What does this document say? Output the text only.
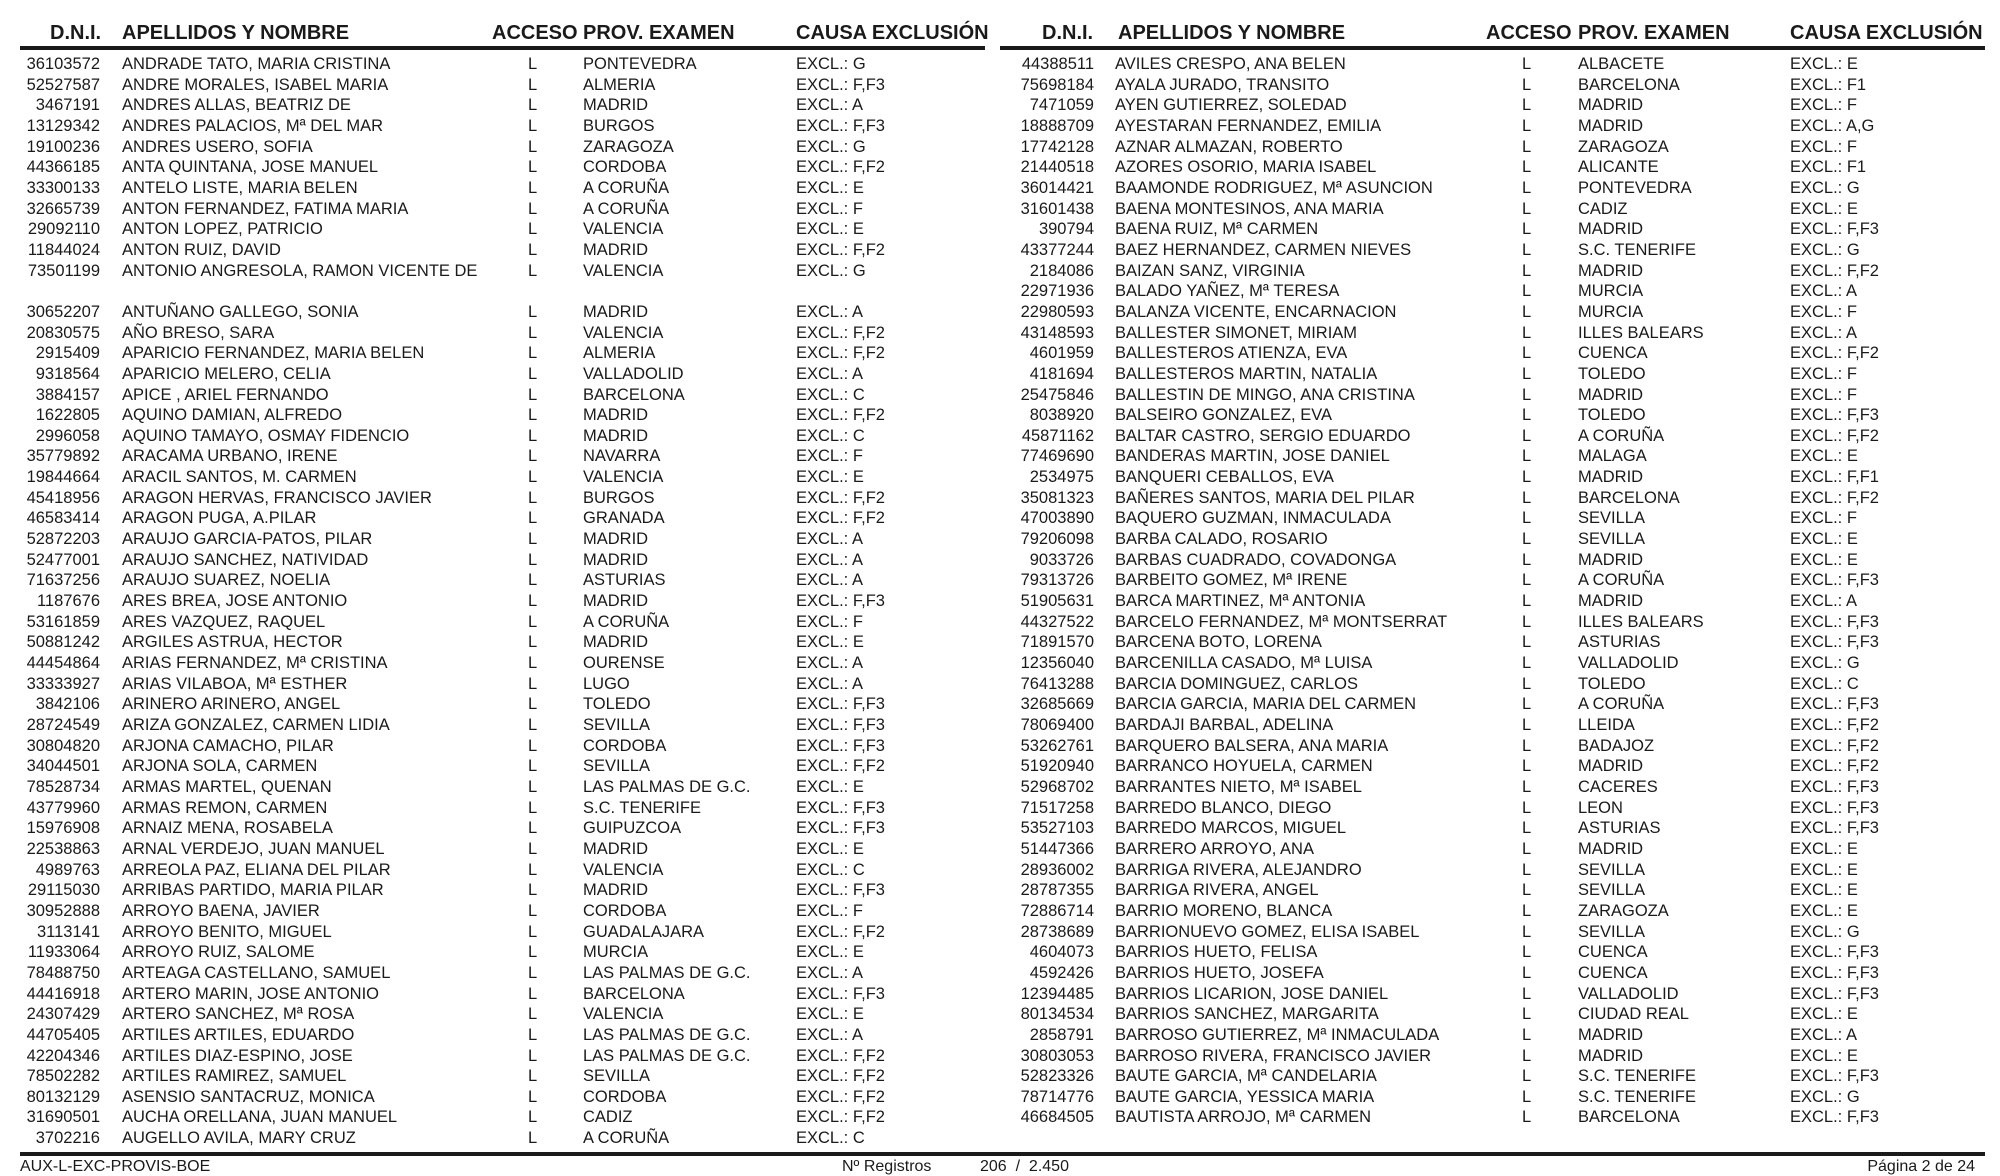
D.N.I. APELLIDOS Y NOMBRE	ACCESO PROV. EXAMEN	CAUSA EXCLUSIÓN
36103572 ANDRADE TATO, MARIA CRISTINA	L	PONTEVEDRA	EXCL.: G
52527587 ANDRE MORALES, ISABEL MARIA	L	ALMERIA	EXCL.: F,F3
3467191 ANDRES ALLAS, BEATRIZ DE	L	MADRID	EXCL.: A
13129342 ANDRES PALACIOS, Mª DEL MAR	L	BURGOS	EXCL.: F,F3
19100236 ANDRES USERO, SOFIA	L	ZARAGOZA	EXCL.: G
44366185 ANTA QUINTANA, JOSE MANUEL	L	CORDOBA	EXCL.: F,F2
33300133 ANTELO LISTE, MARIA BELEN	L	A CORUÑA	EXCL.: E
32665739 ANTON FERNANDEZ, FATIMA MARIA	L	A CORUÑA	EXCL.: F
29092110 ANTON LOPEZ, PATRICIO	L	VALENCIA	EXCL.: E
11844024 ANTON RUIZ, DAVID	L	MADRID	EXCL.: F,F2
73501199 ANTONIO ANGRESOLA, RAMON VICENTE DE	L	VALENCIA	EXCL.: G
30652207 ANTUÑANO GALLEGO, SONIA	L	MADRID	EXCL.: A
20830575 AÑO BRESO, SARA	L	VALENCIA	EXCL.: F,F2
2915409 APARICIO FERNANDEZ, MARIA BELEN	L	ALMERIA	EXCL.: F,F2
9318564 APARICIO MELERO, CELIA	L	VALLADOLID	EXCL.: A
3884157 APICE , ARIEL FERNANDO	L	BARCELONA	EXCL.: C
1622805 AQUINO DAMIAN, ALFREDO	L	MADRID	EXCL.: F,F2
2996058 AQUINO TAMAYO, OSMAY FIDENCIO	L	MADRID	EXCL.: C
35779892 ARACAMA URBANO, IRENE	L	NAVARRA	EXCL.: F
19844664 ARACIL SANTOS, M. CARMEN	L	VALENCIA	EXCL.: E
45418956 ARAGON HERVAS, FRANCISCO JAVIER	L	BURGOS	EXCL.: F,F2
46583414 ARAGON PUGA, A.PILAR	L	GRANADA	EXCL.: F,F2
52872203 ARAUJO GARCIA-PATOS, PILAR	L	MADRID	EXCL.: A
52477001 ARAUJO SANCHEZ, NATIVIDAD	L	MADRID	EXCL.: A
71637256 ARAUJO SUAREZ, NOELIA	L	ASTURIAS	EXCL.: A
1187676 ARES BREA, JOSE ANTONIO	L	MADRID	EXCL.: F,F3
53161859 ARES VAZQUEZ, RAQUEL	L	A CORUÑA	EXCL.: F
50881242 ARGILES ASTRUA, HECTOR	L	MADRID	EXCL.: E
44454864 ARIAS FERNANDEZ, Mª CRISTINA	L	OURENSE	EXCL.: A
33333927 ARIAS VILABOA, Mª ESTHER	L	LUGO	EXCL.: A
3842106 ARINERO ARINERO, ANGEL	L	TOLEDO	EXCL.: F,F3
28724549 ARIZA GONZALEZ, CARMEN LIDIA	L	SEVILLA	EXCL.: F,F3
30804820 ARJONA CAMACHO, PILAR	L	CORDOBA	EXCL.: F,F3
34044501 ARJONA SOLA, CARMEN	L	SEVILLA	EXCL.: F,F2
78528734 ARMAS MARTEL, QUENAN	L	LAS PALMAS DE G.C.	EXCL.: E
43779960 ARMAS REMON, CARMEN	L	S.C. TENERIFE	EXCL.: F,F3
15976908 ARNAIZ MENA, ROSABELA	L	GUIPUZCOA	EXCL.: F,F3
22538863 ARNAL VERDEJO, JUAN MANUEL	L	MADRID	EXCL.: E
4989763 ARREOLA PAZ, ELIANA DEL PILAR	L	VALENCIA	EXCL.: C
29115030 ARRIBAS PARTIDO, MARIA PILAR	L	MADRID	EXCL.: F,F3
30952888 ARROYO BAENA, JAVIER	L	CORDOBA	EXCL.: F
3113141 ARROYO BENITO, MIGUEL	L	GUADALAJARA	EXCL.: F,F2
11933064 ARROYO RUIZ, SALOME	L	MURCIA	EXCL.: E
78488750 ARTEAGA CASTELLANO, SAMUEL	L	LAS PALMAS DE G.C.	EXCL.: A
44416918 ARTERO MARIN, JOSE ANTONIO	L	BARCELONA	EXCL.: F,F3
24307429 ARTERO SANCHEZ, Mª ROSA	L	VALENCIA	EXCL.: E
44705405 ARTILES ARTILES, EDUARDO	L	LAS PALMAS DE G.C.	EXCL.: A
42204346 ARTILES DIAZ-ESPINO, JOSE	L	LAS PALMAS DE G.C.	EXCL.: F,F2
78502282 ARTILES RAMIREZ, SAMUEL	L	SEVILLA	EXCL.: F,F2
80132129 ASENSIO SANTACRUZ, MONICA	L	CORDOBA	EXCL.: F,F2
31690501 AUCHA ORELLANA, JUAN MANUEL	L	CADIZ	EXCL.: F,F2
3702216 AUGELLO AVILA, MARY CRUZ	L	A CORUÑA	EXCL.: C
D.N.I. APELLIDOS Y NOMBRE	ACCESO PROV. EXAMEN	CAUSA EXCLUSIÓN
44388511 AVILES CRESPO, ANA BELEN	L	ALBACETE	EXCL.: E
75698184 AYALA JURADO, TRANSITO	L	BARCELONA	EXCL.: F1
7471059 AYEN GUTIERREZ, SOLEDAD	L	MADRID	EXCL.: F
18888709 AYESTARAN FERNANDEZ, EMILIA	L	MADRID	EXCL.: A,G
17742128 AZNAR ALMAZAN, ROBERTO	L	ZARAGOZA	EXCL.: F
21440518 AZORES OSORIO, MARIA ISABEL	L	ALICANTE	EXCL.: F1
36014421 BAAMONDE RODRIGUEZ, Mª ASUNCION	L	PONTEVEDRA	EXCL.: G
31601438 BAENA MONTESINOS, ANA MARIA	L	CADIZ	EXCL.: E
390794 BAENA RUIZ, Mª CARMEN	L	MADRID	EXCL.: F,F3
43377244 BAEZ HERNANDEZ, CARMEN NIEVES	L	S.C. TENERIFE	EXCL.: G
2184086 BAIZAN SANZ, VIRGINIA	L	MADRID	EXCL.: F,F2
22971936 BALADO YAÑEZ, Mª TERESA	L	MURCIA	EXCL.: A
22980593 BALANZA VICENTE, ENCARNACION	L	MURCIA	EXCL.: F
43148593 BALLESTER SIMONET, MIRIAM	L	ILLES BALEARS	EXCL.: A
4601959 BALLESTEROS ATIENZA, EVA	L	CUENCA	EXCL.: F,F2
4181694 BALLESTEROS MARTIN, NATALIA	L	TOLEDO	EXCL.: F
25475846 BALLESTIN DE MINGO, ANA CRISTINA	L	MADRID	EXCL.: F
8038920 BALSEIRO GONZALEZ, EVA	L	TOLEDO	EXCL.: F,F3
45871162 BALTAR CASTRO, SERGIO EDUARDO	L	A CORUÑA	EXCL.: F,F2
77469690 BANDERAS MARTIN, JOSE DANIEL	L	MALAGA	EXCL.: E
2534975 BANQUERI CEBALLOS, EVA	L	MADRID	EXCL.: F,F1
35081323 BAÑERES SANTOS, MARIA DEL PILAR	L	BARCELONA	EXCL.: F,F2
47003890 BAQUERO GUZMAN, INMACULADA	L	SEVILLA	EXCL.: F
79206098 BARBA CALADO, ROSARIO	L	SEVILLA	EXCL.: E
9033726 BARBAS CUADRADO, COVADONGA	L	MADRID	EXCL.: E
79313726 BARBEITO GOMEZ, Mª IRENE	L	A CORUÑA	EXCL.: F,F3
51905631 BARCA MARTINEZ, Mª ANTONIA	L	MADRID	EXCL.: A
44327522 BARCELO FERNANDEZ, Mª MONTSERRAT	L	ILLES BALEARS	EXCL.: F,F3
71891570 BARCENA BOTO, LORENA	L	ASTURIAS	EXCL.: F,F3
12356040 BARCENILLA CASADO, Mª LUISA	L	VALLADOLID	EXCL.: G
76413288 BARCIA DOMINGUEZ, CARLOS	L	TOLEDO	EXCL.: C
32685669 BARCIA GARCIA, MARIA DEL CARMEN	L	A CORUÑA	EXCL.: F,F3
78069400 BARDAJI BARBAL, ADELINA	L	LLEIDA	EXCL.: F,F2
53262761 BARQUERO BALSERA, ANA MARIA	L	BADAJOZ	EXCL.: F,F2
51920940 BARRANCO HOYUELA, CARMEN	L	MADRID	EXCL.: F,F2
52968702 BARRANTES NIETO, Mª ISABEL	L	CACERES	EXCL.: F,F3
71517258 BARREDO BLANCO, DIEGO	L	LEON	EXCL.: F,F3
53527103 BARREDO MARCOS, MIGUEL	L	ASTURIAS	EXCL.: F,F3
51447366 BARRERO ARROYO, ANA	L	MADRID	EXCL.: E
28936002 BARRIGA RIVERA, ALEJANDRO	L	SEVILLA	EXCL.: E
28787355 BARRIGA RIVERA, ANGEL	L	SEVILLA	EXCL.: E
72886714 BARRIO MORENO, BLANCA	L	ZARAGOZA	EXCL.: E
28738689 BARRIONUEVO GOMEZ, ELISA ISABEL	L	SEVILLA	EXCL.: G
4604073 BARRIOS HUETO, FELISA	L	CUENCA	EXCL.: F,F3
4592426 BARRIOS HUETO, JOSEFA	L	CUENCA	EXCL.: F,F3
12394485 BARRIOS LICARION, JOSE DANIEL	L	VALLADOLID	EXCL.: F,F3
80134534 BARRIOS SANCHEZ, MARGARITA	L	CIUDAD REAL	EXCL.: E
2858791 BARROSO GUTIERREZ, Mª INMACULADA	L	MADRID	EXCL.: A
30803053 BARROSO RIVERA, FRANCISCO JAVIER	L	MADRID	EXCL.: E
52823326 BAUTE GARCIA, Mª CANDELARIA	L	S.C. TENERIFE	EXCL.: F,F3
78714776 BAUTE GARCIA, YESSICA MARIA	L	S.C. TENERIFE	EXCL.: G
46684505 BAUTISTA ARROJO, Mª CARMEN	L	BARCELONA	EXCL.: F,F3
AUX-L-EXC-PROVIS-BOE	Nº Registros	206  /  2.450	Página 2 de 24
